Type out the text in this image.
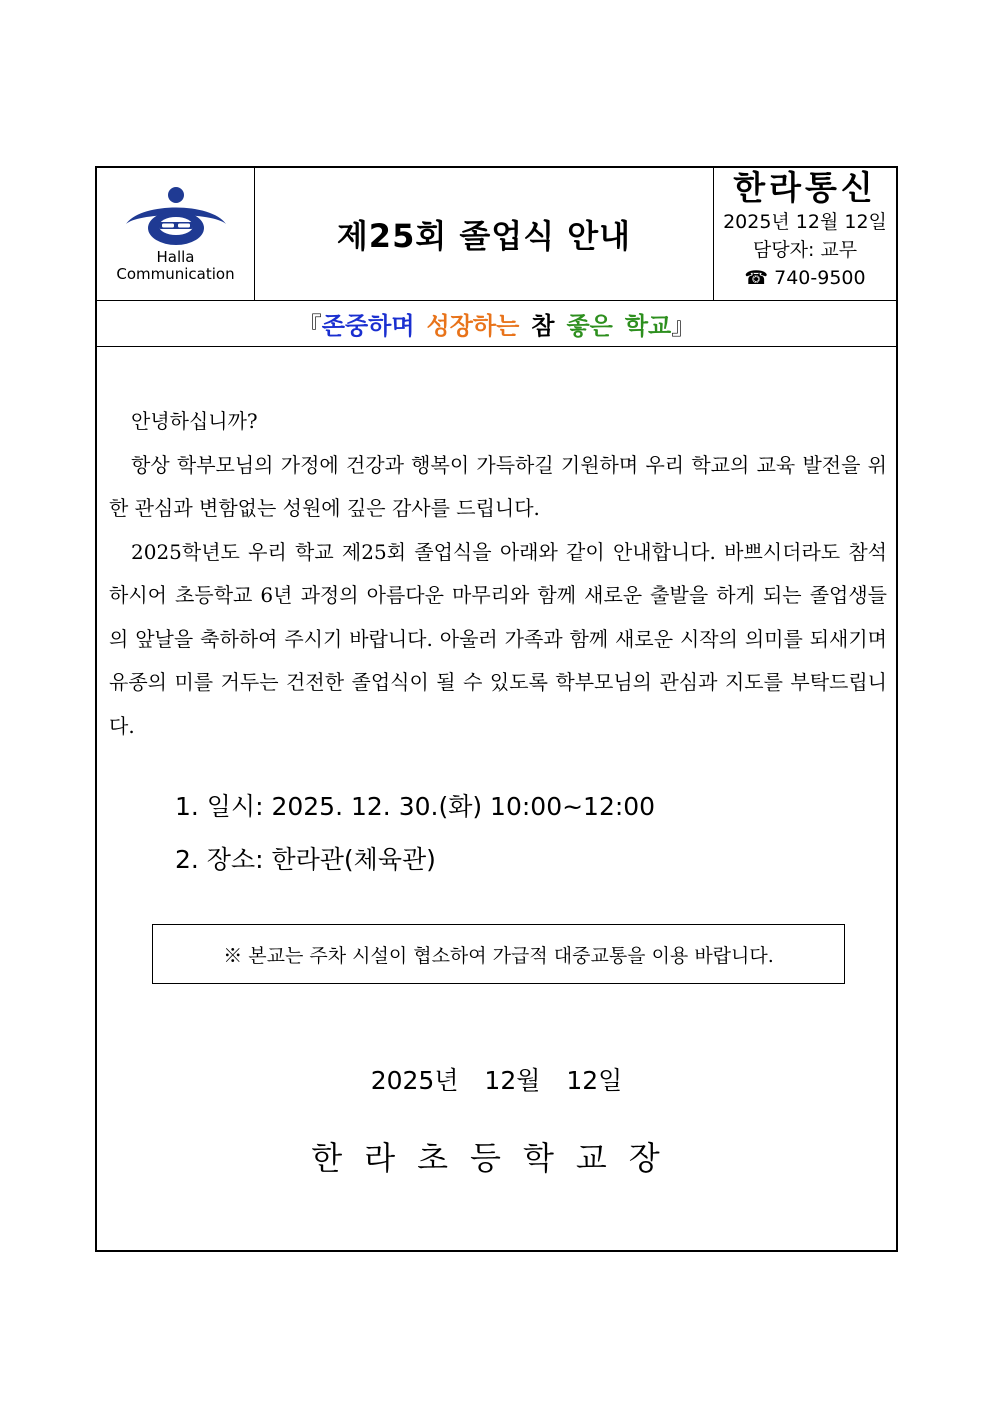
Halla
Communication
제25회 졸업식 안내
한라통신
2025년 12월 12일
담당자: 교무
☎ 740-9500
『 존중하며 성장하는 참 좋은 학교 』

안녕하십니까?

항상 학부모님의 가정에 건강과 행복이 가득하길 기원하며 우리 학교의 교육 발전을 위한 관심과 변함없는 성원에 깊은 감사를 드립니다.

2025학년도 우리 학교 제25회 졸업식을 아래와 같이 안내합니다. 바쁘시더라도 참석하시어 초등학교 6년 과정의 아름다운 마무리와 함께 새로운 출발을 하게 되는 졸업생들의 앞날을 축하하여 주시기 바랍니다. 아울러 가족과 함께 새로운 시작의 의미를 되새기며 유종의 미를 거두는 건전한 졸업식이 될 수 있도록 학부모님의 관심과 지도를 부탁드립니다.

1. 일시: 2025. 12. 30.(화) 10:00~12:00
2. 장소: 한라관(체육관)
※ 본교는 주차 시설이 협소하여 가급적 대중교통을 이용 바랍니다.
2025년 12월 12일
한라초등학교장
